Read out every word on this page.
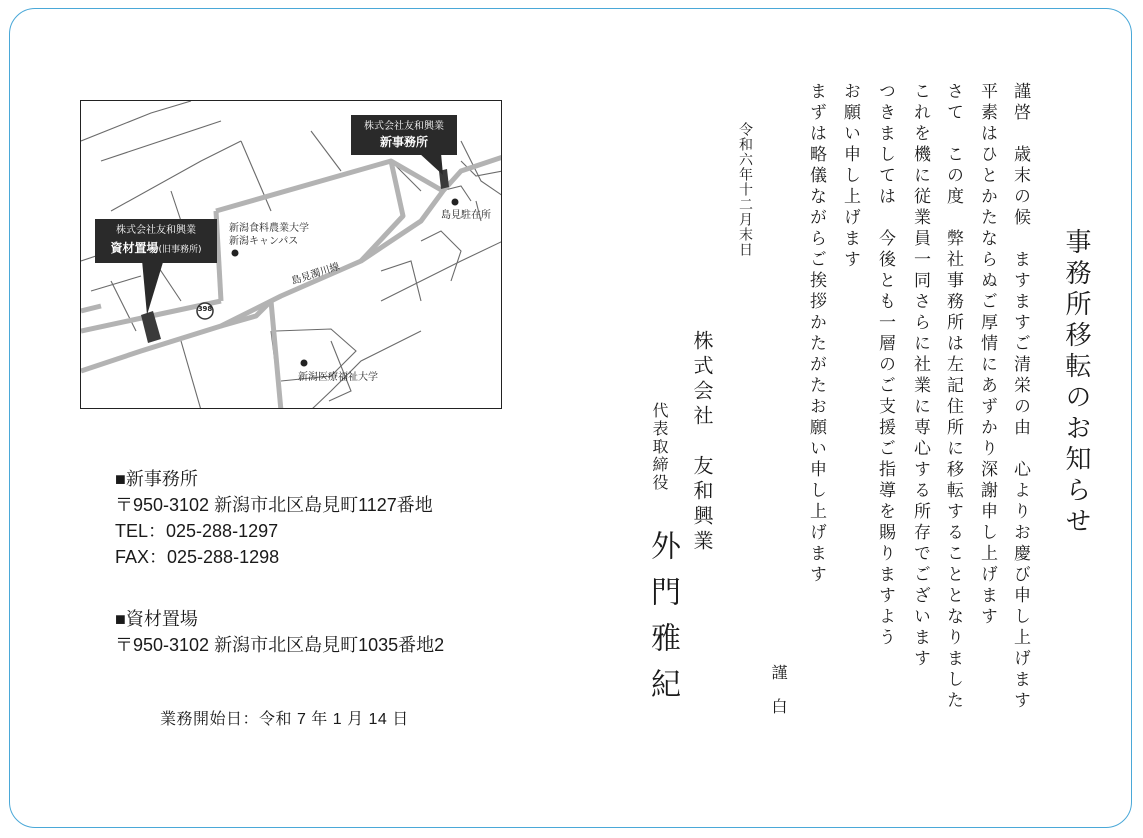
事務所移転のお知らせ
謹啓　歳末の候　ますますご清栄の由　心よりお慶び申し上げます
平素はひとかたならぬご厚情にあずかり深謝申し上げます
さて　この度　弊社事務所は左記住所に移転することとなりました
これを機に従業員一同さらに社業に専心する所存でございます
つきましては　今後とも一層のご支援ご指導を賜りますよう
お願い申し上げます
まずは略儀ながらご挨拶かたがたお願い申し上げます
謹白
令和六年十二月末日
株式会社　友和興業
代表取締役
外門雅紀
株式会社友和興業
新事務所
株式会社友和興業
資材置場(旧事務所)
398
島見駐在所
新潟食料農業大学
新潟キャンパス
新潟医療福祉大学
島見濁川線
■新事務所
〒950-3102 新潟市北区島見町1127番地
TEL：025-288-1297
FAX：025-288-1298
■資材置場
〒950-3102 新潟市北区島見町1035番地2
業務開始日：令和 7 年 1 月 14 日
